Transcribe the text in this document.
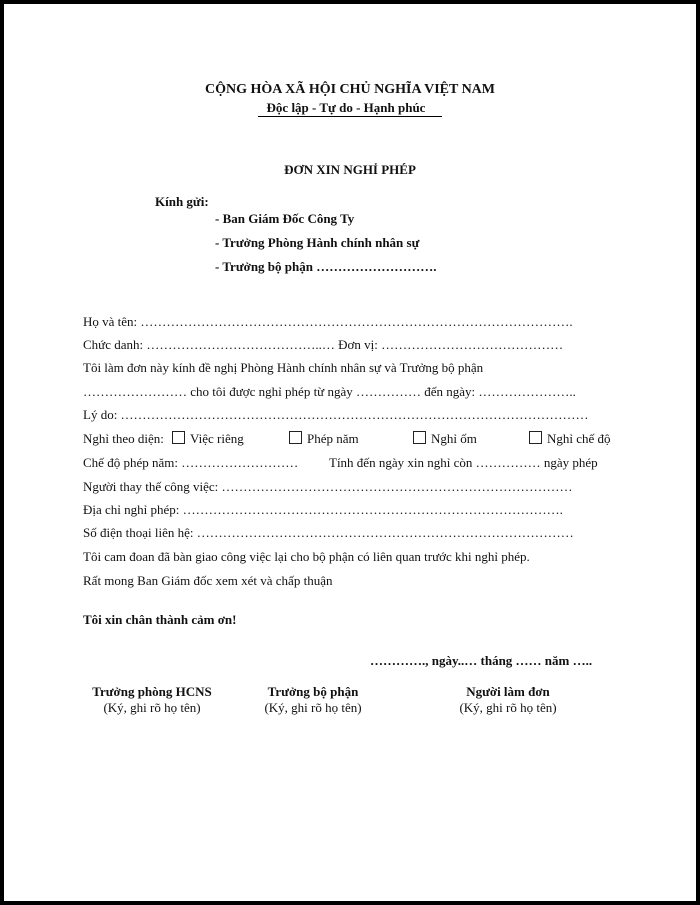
CỘNG HÒA XÃ HỘI CHỦ NGHĨA VIỆT NAM
Độc lập - Tự do - Hạnh phúc
ĐƠN XIN NGHỈ PHÉP
Kính gửi:
- Ban Giám Đốc Công Ty
- Trưởng Phòng Hành chính nhân sự
- Trưởng bộ phận ……………………….
Họ và tên: ……………………………………………………………………………………….
Chức danh: …………………………………..… Đơn vị: ……………………………………
Tôi làm đơn này kính đề nghị Phòng Hành chính nhân sự và Trưởng bộ phận
…………………… cho tôi được nghỉ phép từ ngày …………… đến ngày: …………………..
Lý do: ………………………………………………………………………………………………
Nghỉ theo diện:	Việc riêng	Phép năm	Nghỉ ốm	Nghỉ chế độ
Chế độ phép năm: ……………………… Tính đến ngày xin nghỉ còn …………… ngày phép
Người thay thế công việc: ………………………………………………………………………
Địa chỉ nghỉ phép: …………………………………………………………………………….
Số điện thoại liên hệ: ……………………………………………………………………………
Tôi cam đoan đã bàn giao công việc lại cho bộ phận có liên quan trước khi nghỉ phép.
Rất mong Ban Giám đốc xem xét và chấp thuận
Tôi xin chân thành cảm ơn!
…………., ngày..… tháng …… năm …..
Trưởng phòng HCNS
(Ký, ghi rõ họ tên)
Trưởng bộ phận
(Ký, ghi rõ họ tên)
Người làm đơn
(Ký, ghi rõ họ tên)
